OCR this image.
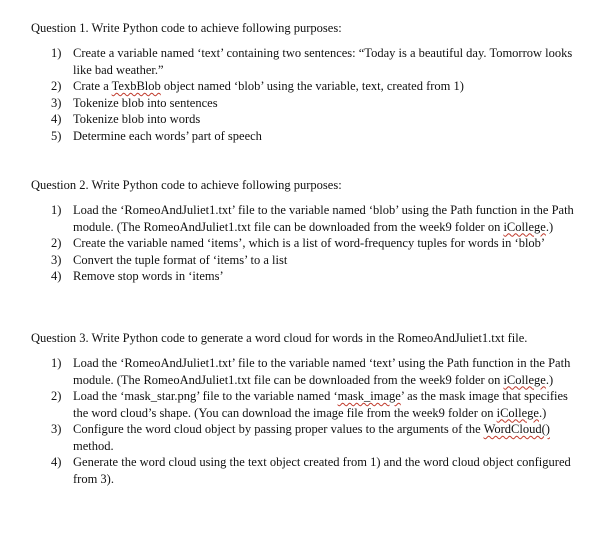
Question 1. Write Python code to achieve following purposes:

1) Create a variable named ‘text’ containing two sentences: “Today is a beautiful day. Tomorrow looks like bad weather.”
2) Crate a TexbBlob object named ‘blob’ using the variable, text, created from 1)
3) Tokenize blob into sentences
4) Tokenize blob into words
5) Determine each words’ part of speech

Question 2. Write Python code to achieve following purposes:

1) Load the ‘RomeoAndJuliet1.txt’ file to the variable named ‘blob’ using the Path function in the Path module. (The RomeoAndJuliet1.txt file can be downloaded from the week9 folder on iCollege.)
2) Create the variable named ‘items’, which is a list of word-frequency tuples for words in ‘blob’
3) Convert the tuple format of ‘items’ to a list
4) Remove stop words in ‘items’

Question 3. Write Python code to generate a word cloud for words in the RomeoAndJuliet1.txt file.

1) Load the ‘RomeoAndJuliet1.txt’ file to the variable named ‘text’ using the Path function in the Path module. (The RomeoAndJuliet1.txt file can be downloaded from the week9 folder on iCollege.)
2) Load the ‘mask_star.png’ file to the variable named ‘mask_image’ as the mask image that specifies the word cloud’s shape. (You can download the image file from the week9 folder on iCollege.)
3) Configure the word cloud object by passing proper values to the arguments of the WordCloud() method.
4) Generate the word cloud using the text object created from 1) and the word cloud object configured from 3).
